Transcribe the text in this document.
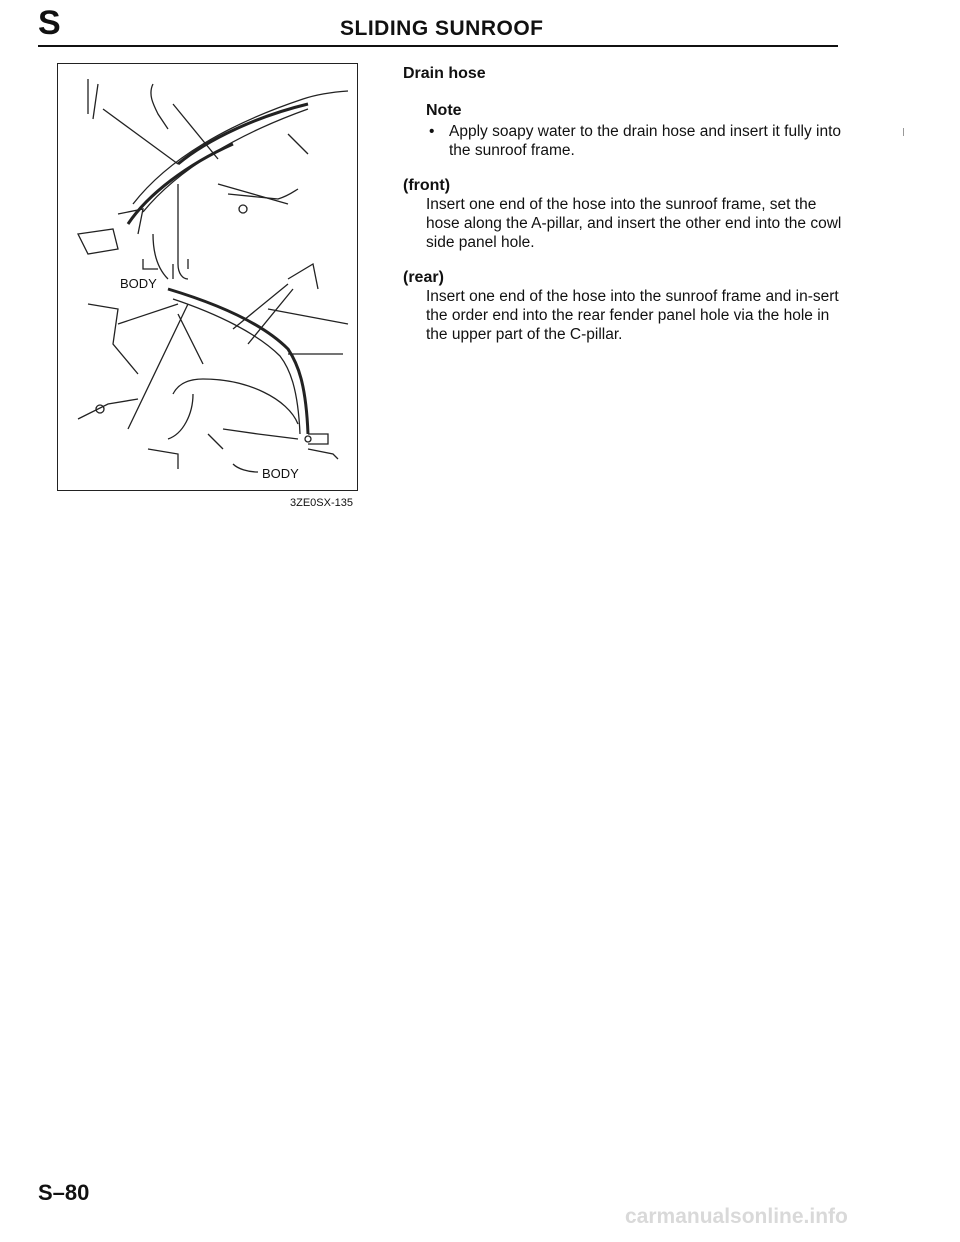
S	SLIDING SUNROOF
BODY
BODY
3ZE0SX-135
Drain hose
Note
• Apply soapy water to the drain hose and insert it fully into the sunroof frame.
(front)
Insert one end of the hose into the sunroof frame, set the hose along the A-pillar, and insert the other end into the cowl side panel hole.
(rear)
Insert one end of the hose into the sunroof frame and in-sert the order end into the rear fender panel hole via the hole in the upper part of the C-pillar.
S–80
carmanualsonline.info
